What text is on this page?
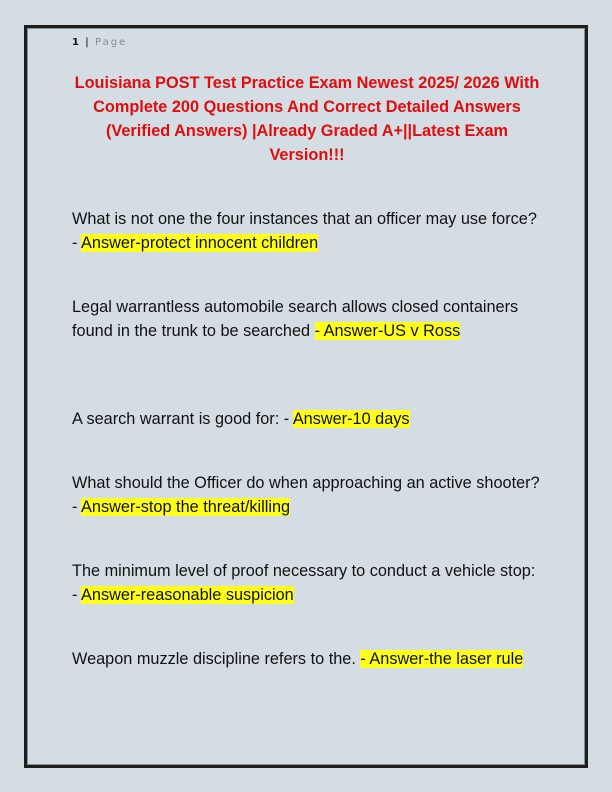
1 | Page
Louisiana POST Test Practice Exam Newest 2025/ 2026 With Complete 200 Questions And Correct Detailed Answers (Verified Answers) |Already Graded A+||Latest Exam Version!!!
What is not one the four instances that an officer may use force? - Answer-protect innocent children
Legal warrantless automobile search allows closed containers found in the trunk to be searched - Answer-US v Ross
A search warrant is good for: - Answer-10 days
What should the Officer do when approaching an active shooter? - Answer-stop the threat/killing
The minimum level of proof necessary to conduct a vehicle stop: - Answer-reasonable suspicion
Weapon muzzle discipline refers to the. - Answer-the laser rule
